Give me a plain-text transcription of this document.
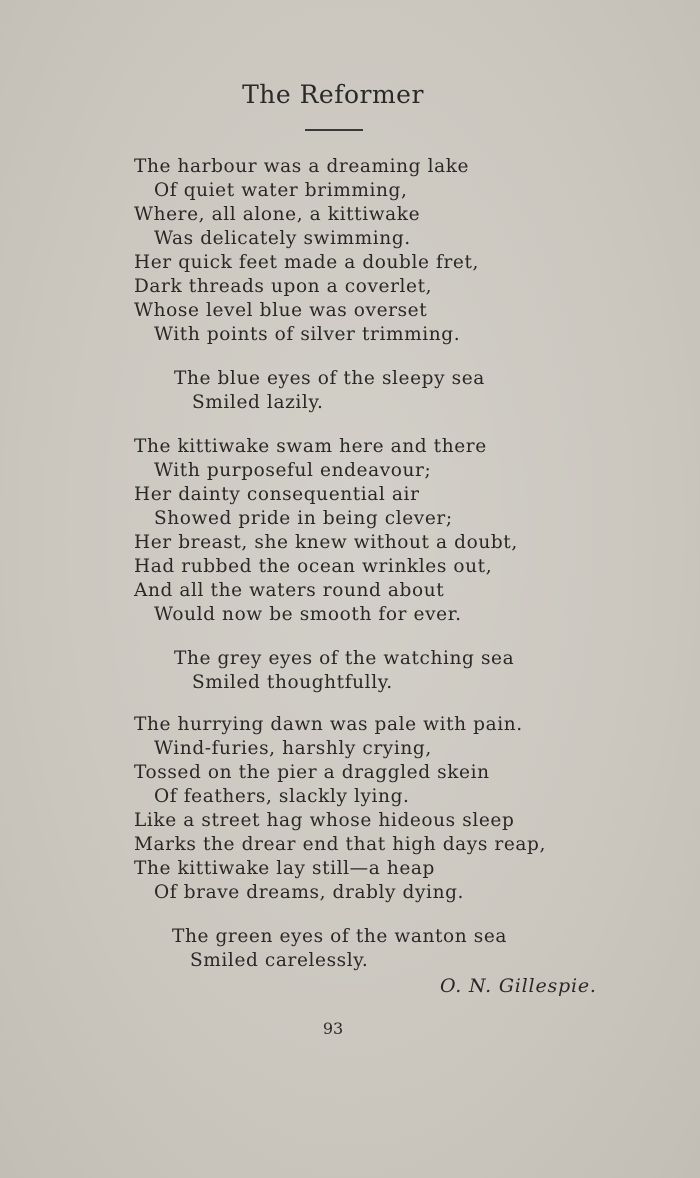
The Reformer
The harbour was a dreaming lake
Of quiet water brimming,
Where, all alone, a kittiwake
Was delicately swimming.
Her quick feet made a double fret,
Dark threads upon a coverlet,
Whose level blue was overset
With points of silver trimming.
The blue eyes of the sleepy sea
Smiled lazily.
The kittiwake swam here and there
With purposeful endeavour;
Her dainty consequential air
Showed pride in being clever;
Her breast, she knew without a doubt,
Had rubbed the ocean wrinkles out,
And all the waters round about
Would now be smooth for ever.
The grey eyes of the watching sea
Smiled thoughtfully.
The hurrying dawn was pale with pain.
Wind-furies, harshly crying,
Tossed on the pier a draggled skein
Of feathers, slackly lying.
Like a street hag whose hideous sleep
Marks the drear end that high days reap,
The kittiwake lay still—a heap
Of brave dreams, drably dying.
The green eyes of the wanton sea
Smiled carelessly.
O. N. Gillespie.
93
